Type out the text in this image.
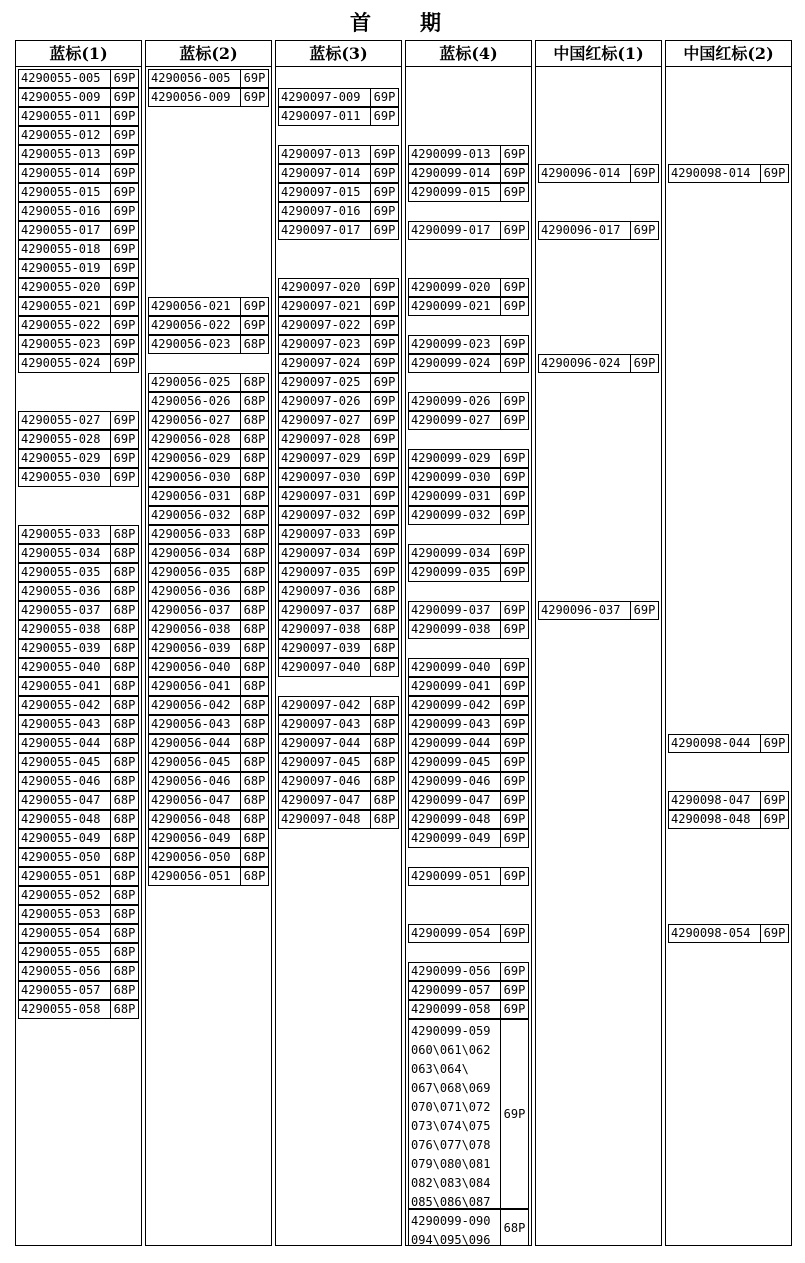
首　期
蓝标(1)
4290055-005	69P
4290055-009	69P
4290055-011	69P
4290055-012	69P
4290055-013	69P
4290055-014	69P
4290055-015	69P
4290055-016	69P
4290055-017	69P
4290055-018	69P
4290055-019	69P
4290055-020	69P
4290055-021	69P
4290055-022	69P
4290055-023	69P
4290055-024	69P
4290055-027	69P
4290055-028	69P
4290055-029	69P
4290055-030	69P
4290055-033	68P
4290055-034	68P
4290055-035	68P
4290055-036	68P
4290055-037	68P
4290055-038	68P
4290055-039	68P
4290055-040	68P
4290055-041	68P
4290055-042	68P
4290055-043	68P
4290055-044	68P
4290055-045	68P
4290055-046	68P
4290055-047	68P
4290055-048	68P
4290055-049	68P
4290055-050	68P
4290055-051	68P
4290055-052	68P
4290055-053	68P
4290055-054	68P
4290055-055	68P
4290055-056	68P
4290055-057	68P
4290055-058	68P
蓝标(2)
4290056-005	69P
4290056-009	69P
4290056-021	69P
4290056-022	69P
4290056-023	68P
4290056-025	68P
4290056-026	68P
4290056-027	68P
4290056-028	68P
4290056-029	68P
4290056-030	68P
4290056-031	68P
4290056-032	68P
4290056-033	68P
4290056-034	68P
4290056-035	68P
4290056-036	68P
4290056-037	68P
4290056-038	68P
4290056-039	68P
4290056-040	68P
4290056-041	68P
4290056-042	68P
4290056-043	68P
4290056-044	68P
4290056-045	68P
4290056-046	68P
4290056-047	68P
4290056-048	68P
4290056-049	68P
4290056-050	68P
4290056-051	68P
蓝标(3)
4290097-009	69P
4290097-011	69P
4290097-013	69P
4290097-014	69P
4290097-015	69P
4290097-016	69P
4290097-017	69P
4290097-020	69P
4290097-021	69P
4290097-022	69P
4290097-023	69P
4290097-024	69P
4290097-025	69P
4290097-026	69P
4290097-027	69P
4290097-028	69P
4290097-029	69P
4290097-030	69P
4290097-031	69P
4290097-032	69P
4290097-033	69P
4290097-034	69P
4290097-035	69P
4290097-036	68P
4290097-037	68P
4290097-038	68P
4290097-039	68P
4290097-040	68P
4290097-042	68P
4290097-043	68P
4290097-044	68P
4290097-045	68P
4290097-046	68P
4290097-047	68P
4290097-048	68P
蓝标(4)
4290099-013	69P
4290099-014	69P
4290099-015	69P
4290099-017	69P
4290099-020	69P
4290099-021	69P
4290099-023	69P
4290099-024	69P
4290099-026	69P
4290099-027	69P
4290099-029	69P
4290099-030	69P
4290099-031	69P
4290099-032	69P
4290099-034	69P
4290099-035	69P
4290099-037	69P
4290099-038	69P
4290099-040	69P
4290099-041	69P
4290099-042	69P
4290099-043	69P
4290099-044	69P
4290099-045	69P
4290099-046	69P
4290099-047	69P
4290099-048	69P
4290099-049	69P
4290099-051	69P
4290099-054	69P
4290099-056	69P
4290099-057	69P
4290099-058	69P
4290099-059
060\061\062
063\064\
067\068\069
070\071\072
073\074\075
076\077\078
079\080\081
082\083\084
085\086\087
69P
4290099-090
094\095\096
68P
中国红标(1)
4290096-014	69P
4290096-017	69P
4290096-024	69P
4290096-037	69P
中国红标(2)
4290098-014	69P
4290098-044	69P
4290098-047	69P
4290098-048	69P
4290098-054	69P
